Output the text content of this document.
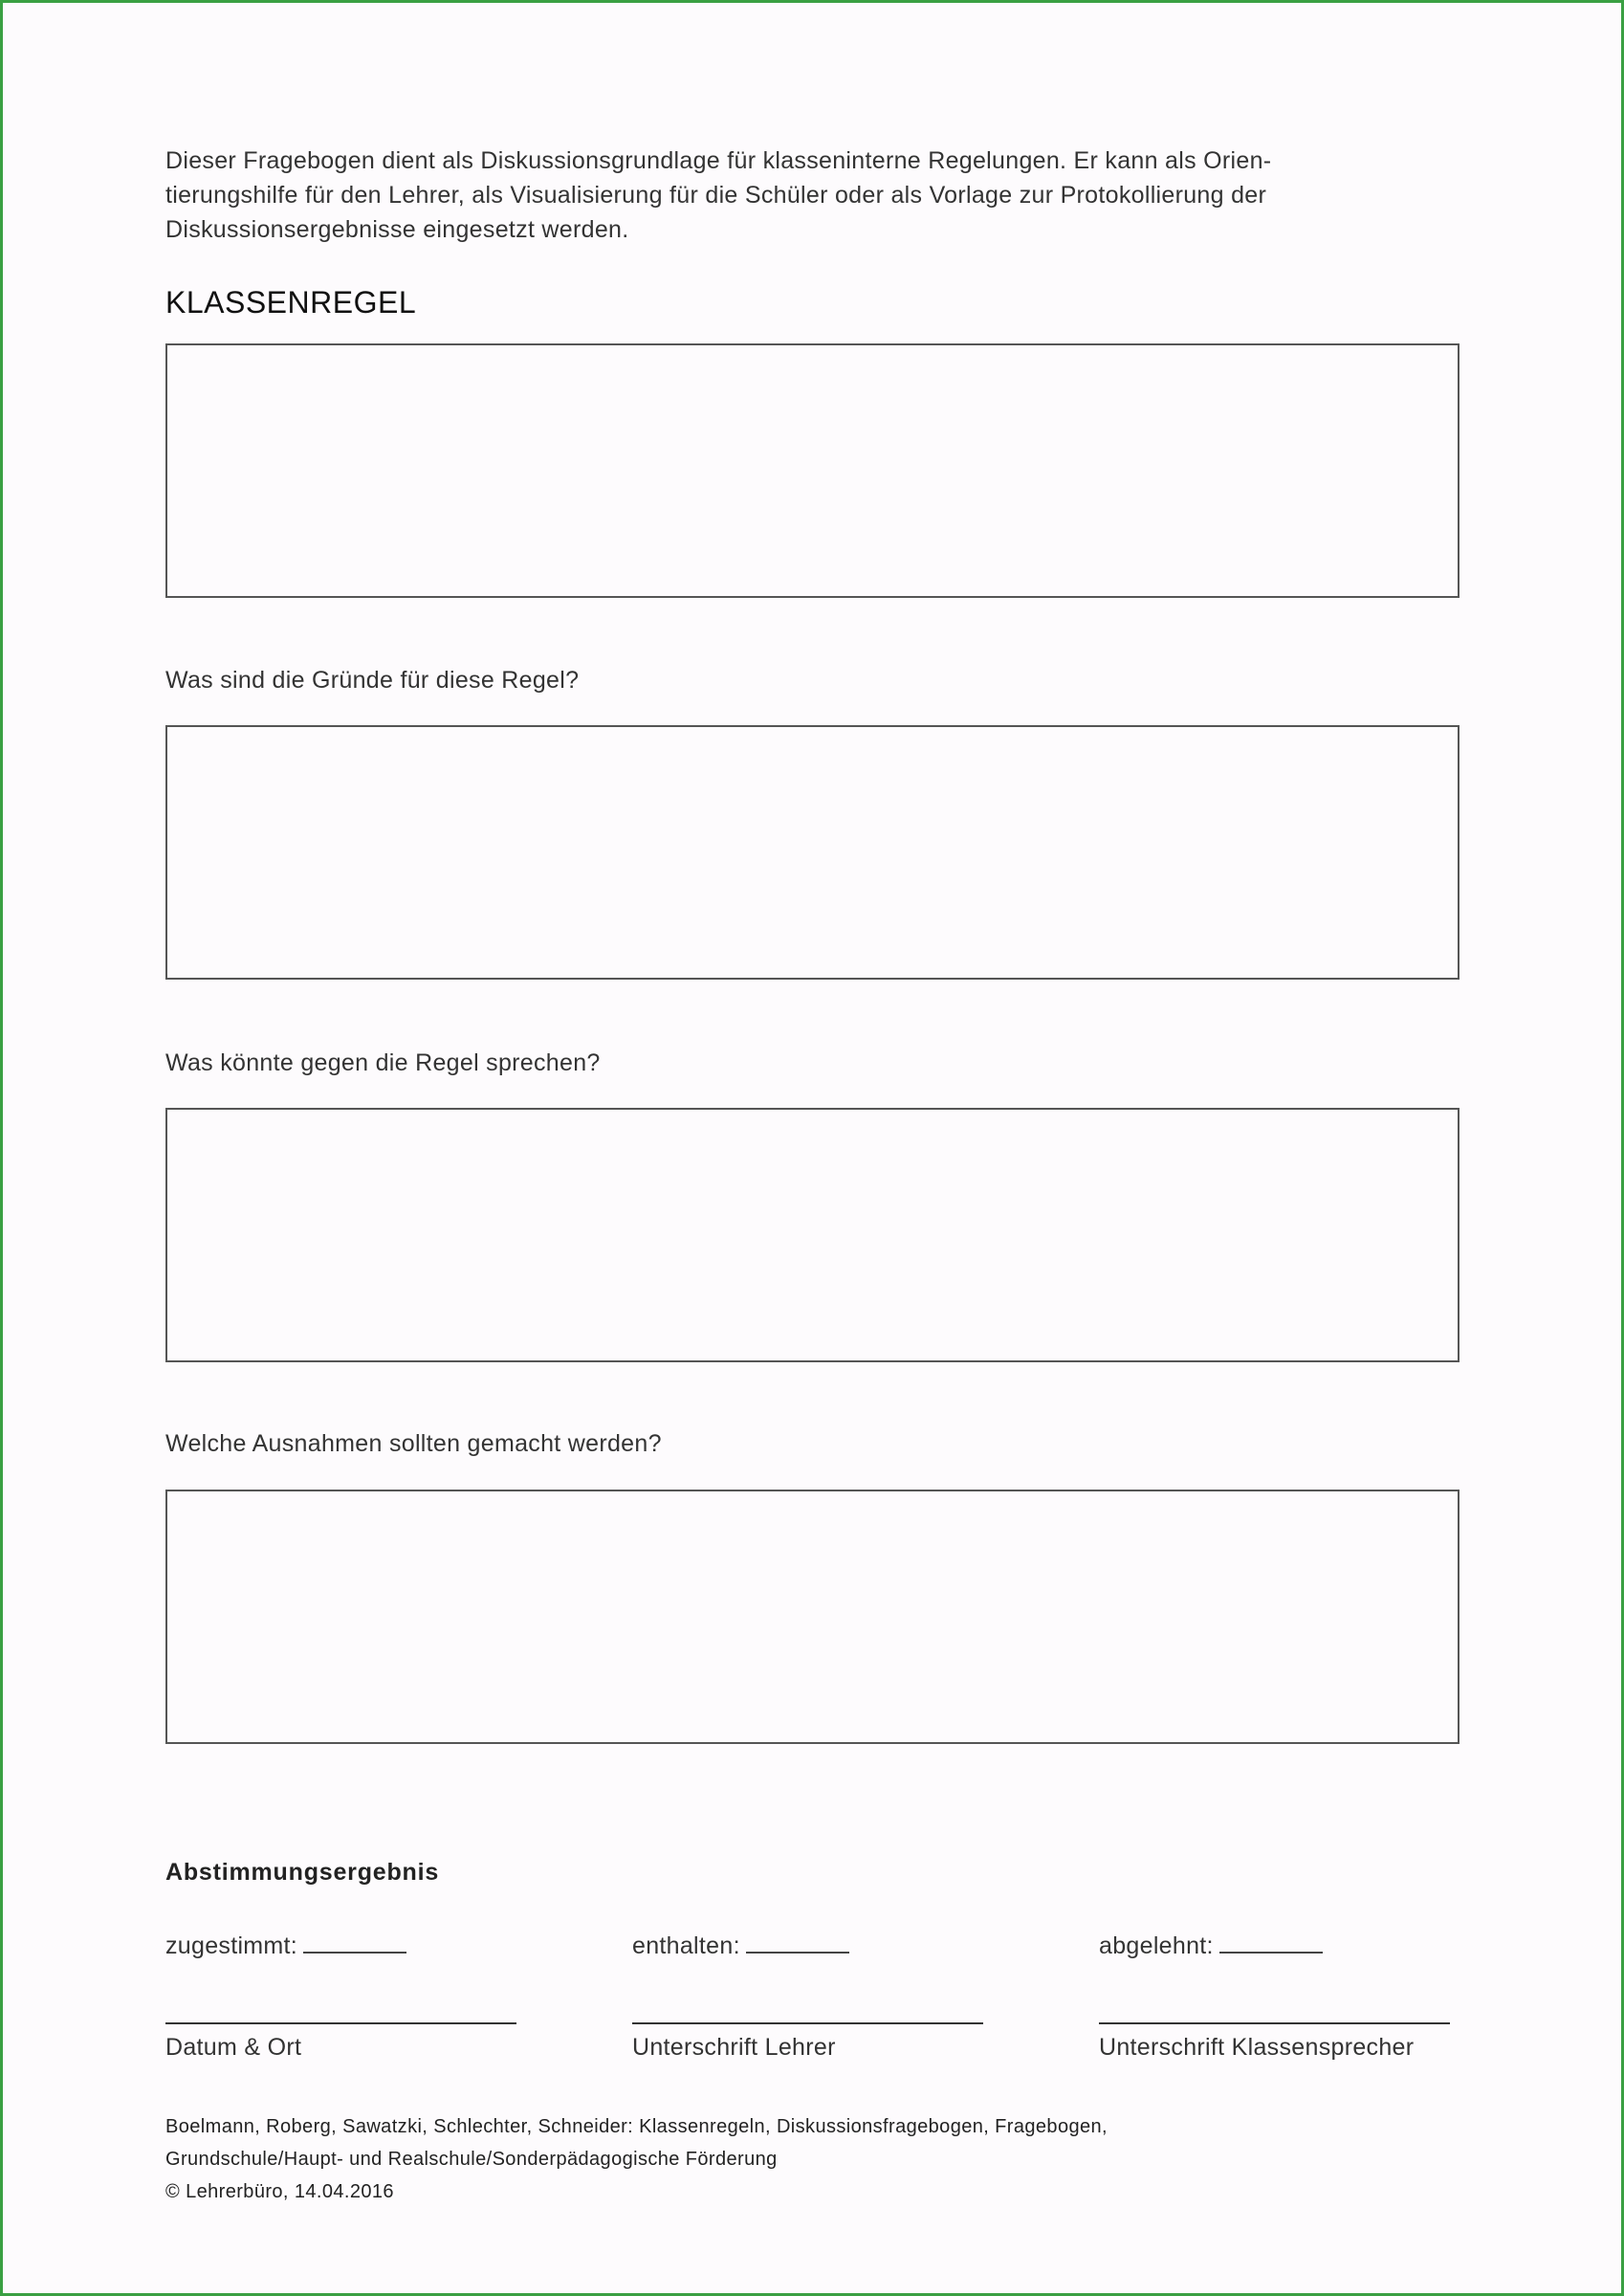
Dieser Fragebogen dient als Diskussionsgrundlage für klasseninterne Regelungen. Er kann als Orien-
tierungshilfe für den Lehrer, als Visualisierung für die Schüler oder als Vorlage zur Protokollierung der
Diskussionsergebnisse eingesetzt werden.
KLASSENREGEL
Was sind die Gründe für diese Regel?
Was könnte gegen die Regel sprechen?
Welche Ausnahmen sollten gemacht werden?
Abstimmungsergebnis
zugestimmt:	enthalten:	abgelehnt:
Datum & Ort	Unterschrift Lehrer	Unterschrift Klassensprecher
Boelmann, Roberg, Sawatzki, Schlechter, Schneider: Klassenregeln, Diskussionsfragebogen, Fragebogen,
Grundschule/Haupt- und Realschule/Sonderpädagogische Förderung
© Lehrerbüro, 14.04.2016
